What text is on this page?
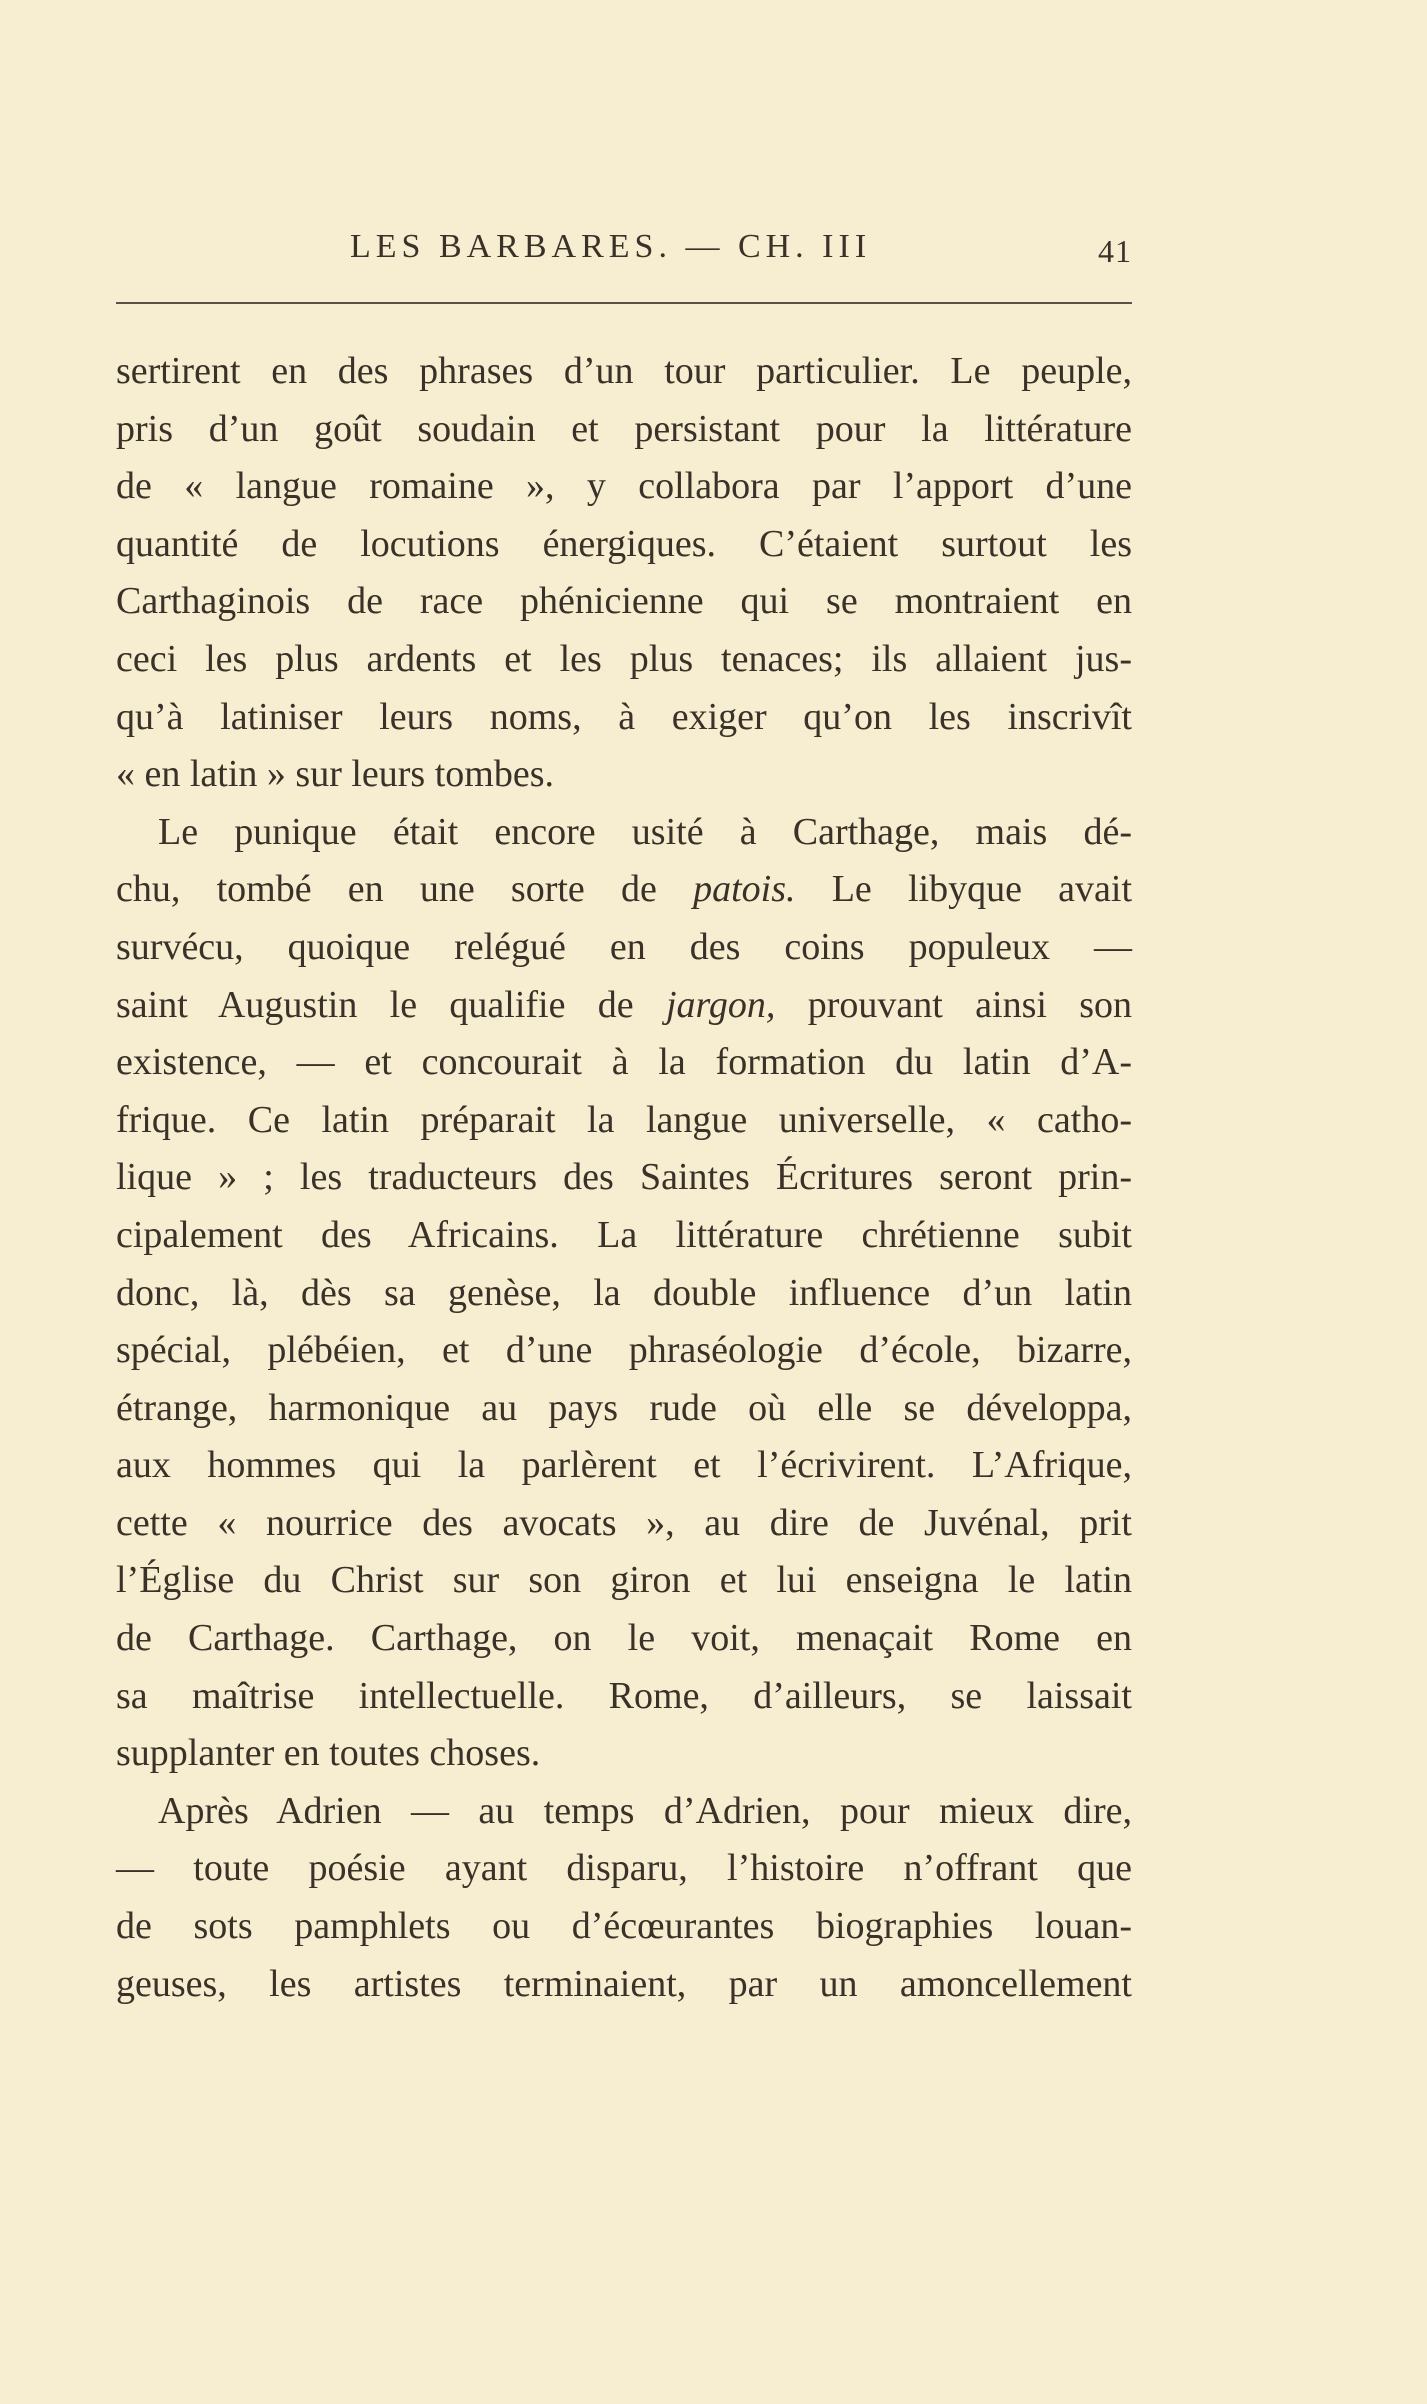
LES BARBARES. — CH. III	41
sertirent en des phrases d’un tour particulier. Le peuple,
pris d’un goût soudain et persistant pour la littérature
de « langue romaine », y collabora par l’apport d’une
quantité de locutions énergiques. C’étaient surtout les
Carthaginois de race phénicienne qui se montraient en
ceci les plus ardents et les plus tenaces; ils allaient jus-
qu’à latiniser leurs noms, à exiger qu’on les inscrivît
« en latin » sur leurs tombes.
Le punique était encore usité à Carthage, mais dé-
chu, tombé en une sorte de patois. Le libyque avait
survécu, quoique relégué en des coins populeux —
saint Augustin le qualifie de jargon, prouvant ainsi son
existence, — et concourait à la formation du latin d’A-
frique. Ce latin préparait la langue universelle, « catho-
lique » ; les traducteurs des Saintes Écritures seront prin-
cipalement des Africains. La littérature chrétienne subit
donc, là, dès sa genèse, la double influence d’un latin
spécial, plébéien, et d’une phraséologie d’école, bizarre,
étrange, harmonique au pays rude où elle se développa,
aux hommes qui la parlèrent et l’écrivirent. L’Afrique,
cette « nourrice des avocats », au dire de Juvénal, prit
l’Église du Christ sur son giron et lui enseigna le latin
de Carthage. Carthage, on le voit, menaçait Rome en
sa maîtrise intellectuelle. Rome, d’ailleurs, se laissait
supplanter en toutes choses.
Après Adrien — au temps d’Adrien, pour mieux dire,
— toute poésie ayant disparu, l’histoire n’offrant que
de sots pamphlets ou d’écœurantes biographies louan-
geuses, les artistes terminaient, par un amoncellement
